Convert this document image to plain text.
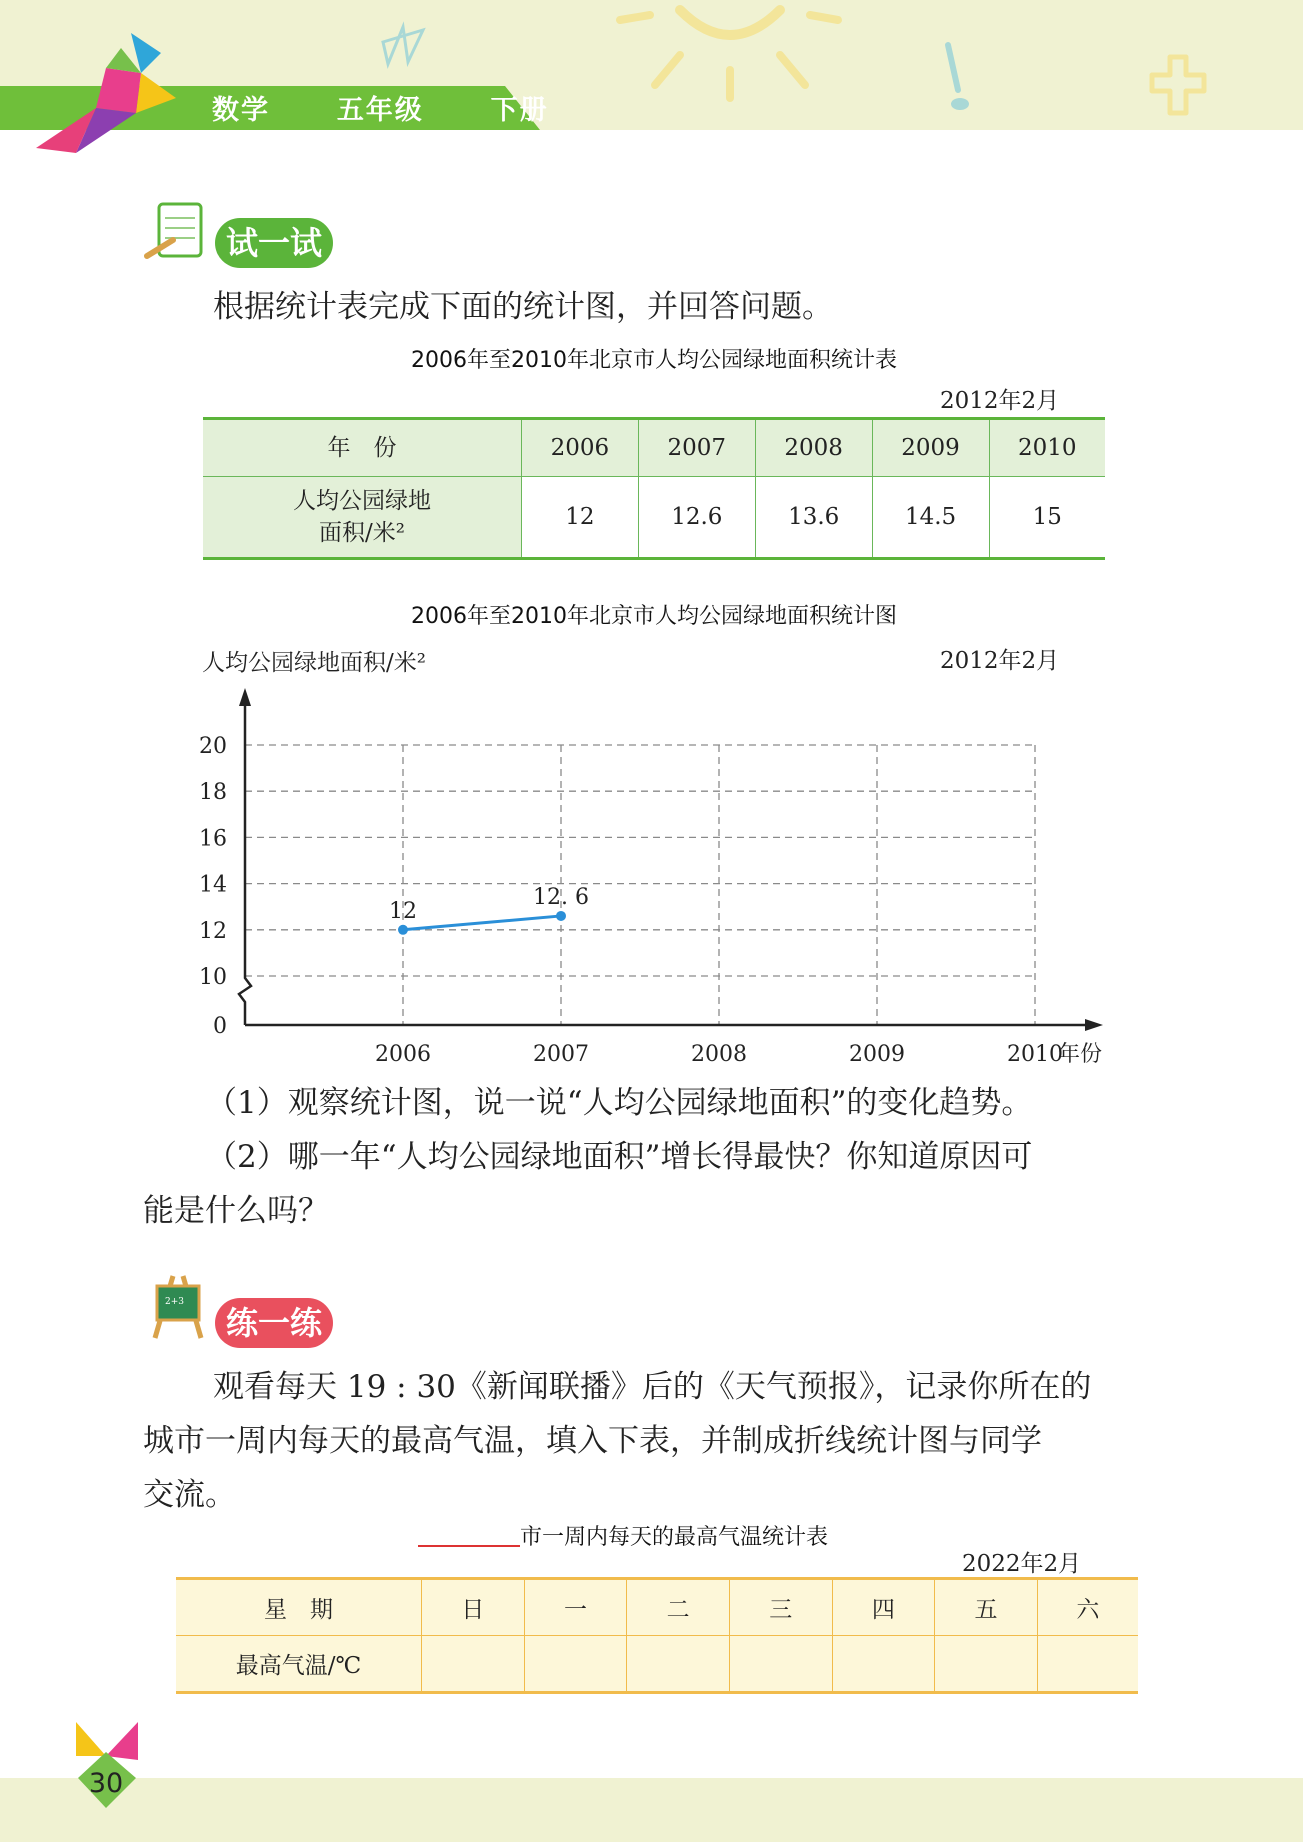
数学 五年级 下册
试一试
根据统计表完成下面的统计图，并回答问题。
2006年至2010年北京市人均公园绿地面积统计表
2012年2月
年　份	2006	2007	2008	2009	2010
人均公园绿地
面积/米²	12	12.6	13.6	14.5	15
2006年至2010年北京市人均公园绿地面积统计图
2012年2月
人均公园绿地面积/米²
0
10
12
14
16
18
20
2006	2007	2008	2009	2010
年份
12
12. 6
（1）观察统计图，说一说“人均公园绿地面积”的变化趋势。
（2）哪一年“人均公园绿地面积”增长得最快？你知道原因可
能是什么吗？
2+3
练一练
观看每天 19 : 30《新闻联播》后的《天气预报》，记录你所在的
城市一周内每天的最高气温，填入下表，并制成折线统计图与同学
交流。
市一周内每天的最高气温统计表
2022年2月
星　期	日	一	二	三	四	五	六
最高气温/℃							
30
